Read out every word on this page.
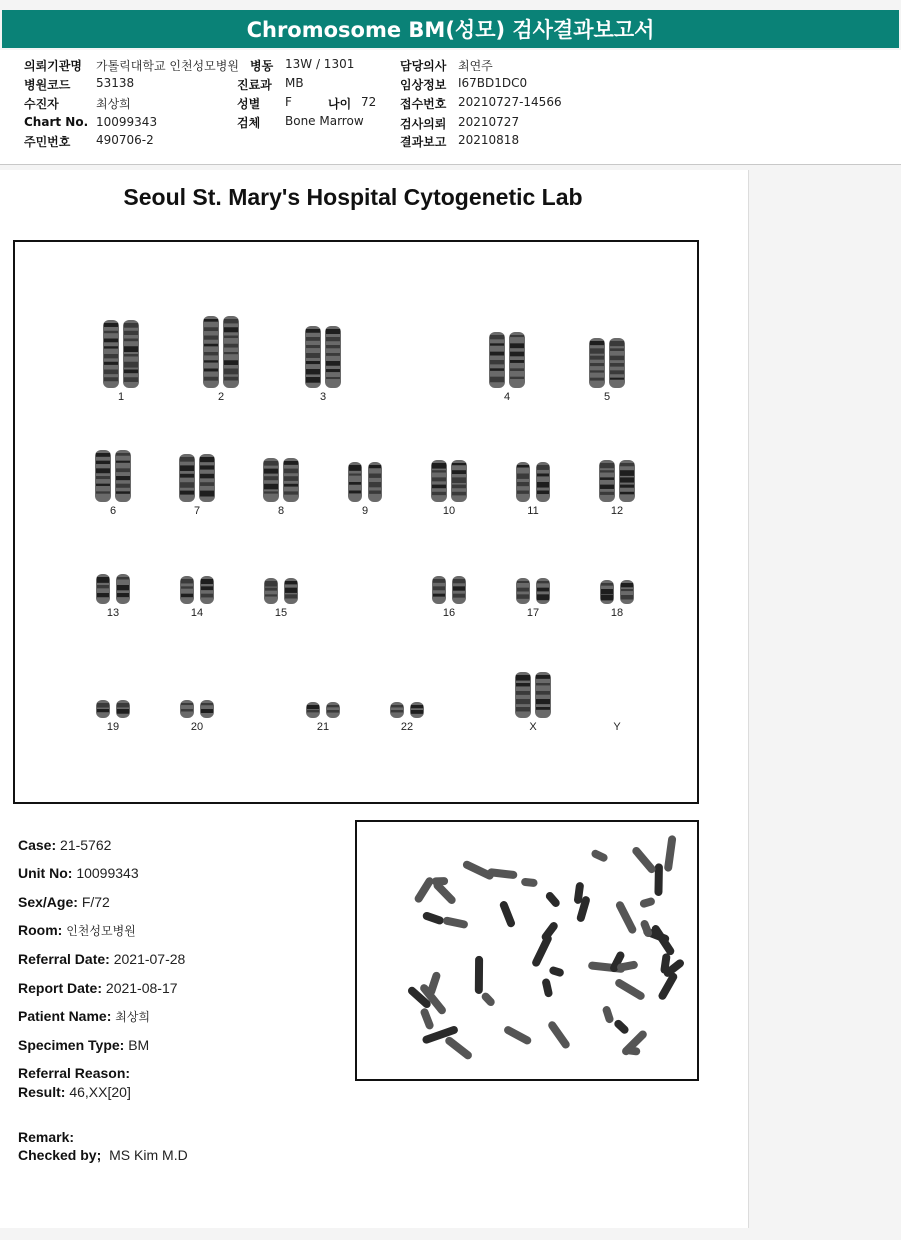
Chromosome BM(성모) 검사결과보고서
의뢰기관명 가톨릭대학교 인천성모병원 병동 13W / 1301	담당의사 최연주
병원코드 53138	진료과 MB	임상정보 I67BD1DC0
수진자	최상희	성별 F	나이 72 접수번호 20210727-14566
Chart No. 10099343	검체 Bone Marrow	검사의뢰 20210727
주민번호 490706-2	결과보고 20210818
Seoul St. Mary's Hospital Cytogenetic Lab
1	2	3	4	5
6	7	8	9	10	11	12
13	14	15	16	17	18
19	20	21	22	X	Y
Case: 21-5762
Unit No: 10099343
Sex/Age: F/72
Room: 인천성모병원
Referral Date: 2021-07-28
Report Date: 2021-08-17
Patient Name: 최상희
Specimen Type: BM
Referral Reason:
Result: 46,XX[20]
Remark:
Checked by; MS Kim M.D
